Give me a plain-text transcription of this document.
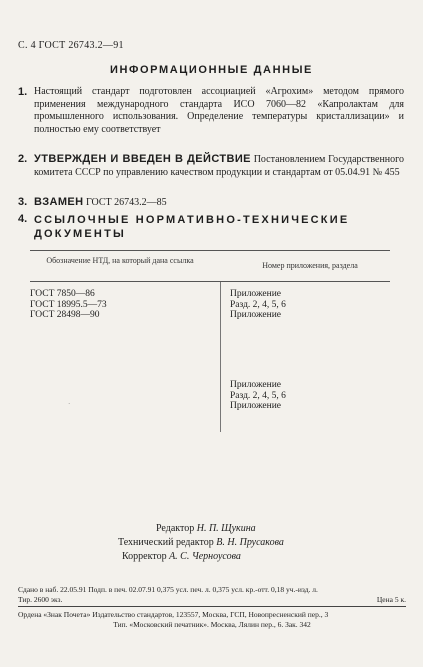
С. 4 ГОСТ 26743.2—91
ИНФОРМАЦИОННЫЕ ДАННЫЕ
1. Настоящий стандарт подготовлен ассоциацией «Агрохим» методом прямого применения международного стандарта ИСО 7060—82 «Капролактам для промышленного использования. Определение температуры кристаллизации» и полностью ему соответствует
2. УТВЕРЖДЕН И ВВЕДЕН В ДЕЙСТВИЕ Постановлением Государственного комитета СССР по управлению качеством продукции и стандартам от 05.04.91 № 455
3. ВЗАМЕН ГОСТ 26743.2—85
4. ССЫЛОЧНЫЕ НОРМАТИВНО-ТЕХНИЧЕСКИЕ ДОКУМЕНТЫ
Обозначение НТД, на который дана ссылка
Номер приложения, раздела
ГОСТ 7850—86
ГОСТ 18995.5—73
ГОСТ 28498—90
Приложение
Разд. 2, 4, 5, 6
Приложение
Приложение
Разд. 2, 4, 5, 6
Приложение
·
Редактор Н. П. Щукина
Технический редактор В. Н. Прусакова
Корректор А. С. Черноусова
Сдано в наб. 22.05.91 Подп. в печ. 02.07.91 0,375 усл. печ. л. 0,375 усл. кр.-отт. 0,18 уч.-изд. л.
Тир. 2600 экз.	Цена 5 к.
Ордена «Знак Почета» Издательство стандартов, 123557, Москва, ГСП, Новопресненский пер., 3
Тип. «Московский печатник». Москва, Лялин пер., 6. Зак. 342
